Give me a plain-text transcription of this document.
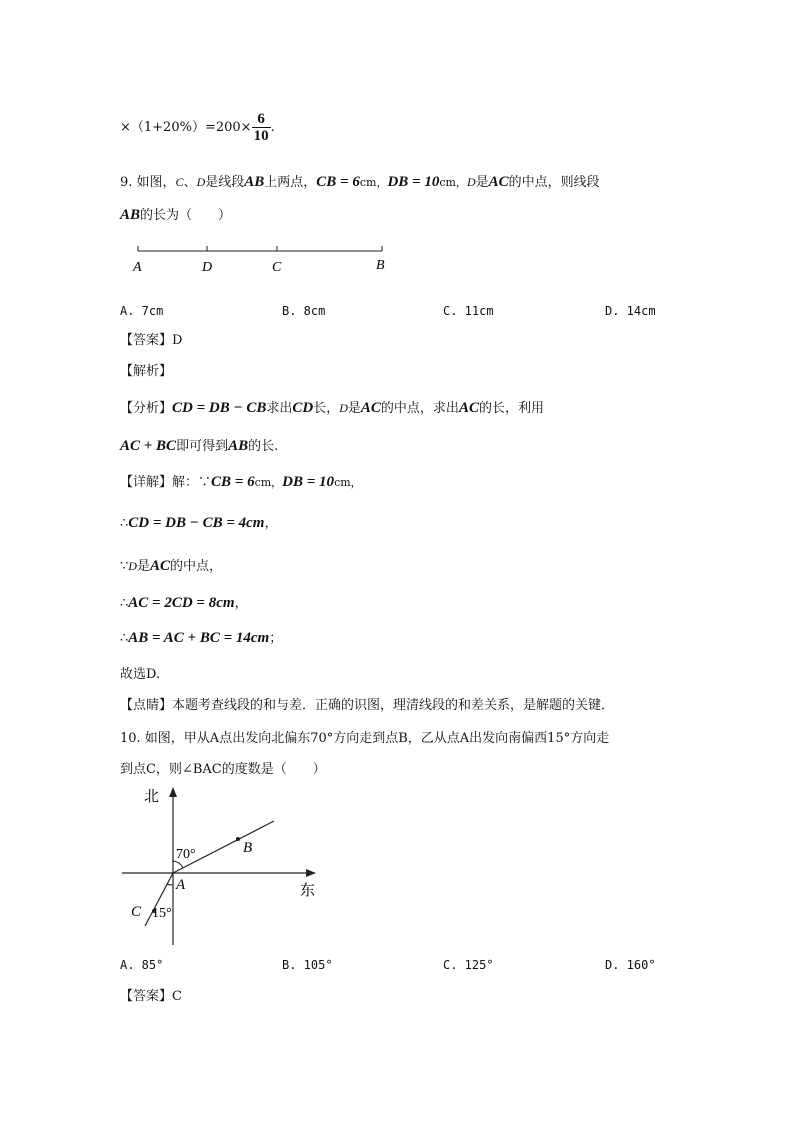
$\times(1+20\%)=200\times \frac{6}{10}$ .
9. 如图，C、D是线段AB上两点，CB = 6cm，DB = 10cm，D是AC的中点，则线段
AB的长为（　　）
A	D	C	B
A. 7cm	B. 8cm	C. 11cm	D. 14cm
【答案】D
【解析】
【分析】CD = DB − CB求出CD长，D是AC的中点，求出AC的长，利用
AC + BC即可得到AB的长.
【详解】解：∵CB = 6cm，DB = 10cm，
∴CD = DB − CB = 4cm，
∵D是AC的中点，
∴AC = 2CD = 8cm，
∴AB = AC + BC = 14cm；
故选D.
【点睛】本题考查线段的和与差．正确的识图，理清线段的和差关系，是解题的关键．
10. 如图，甲从A点出发向北偏东70°方向走到点B，乙从点A出发向南偏西15°方向走
到点C，则∠BAC的度数是（　　）
北
东
A
B
C
70°
15°
A. 85°	B. 105°	C. 125°	D. 160°
【答案】C
